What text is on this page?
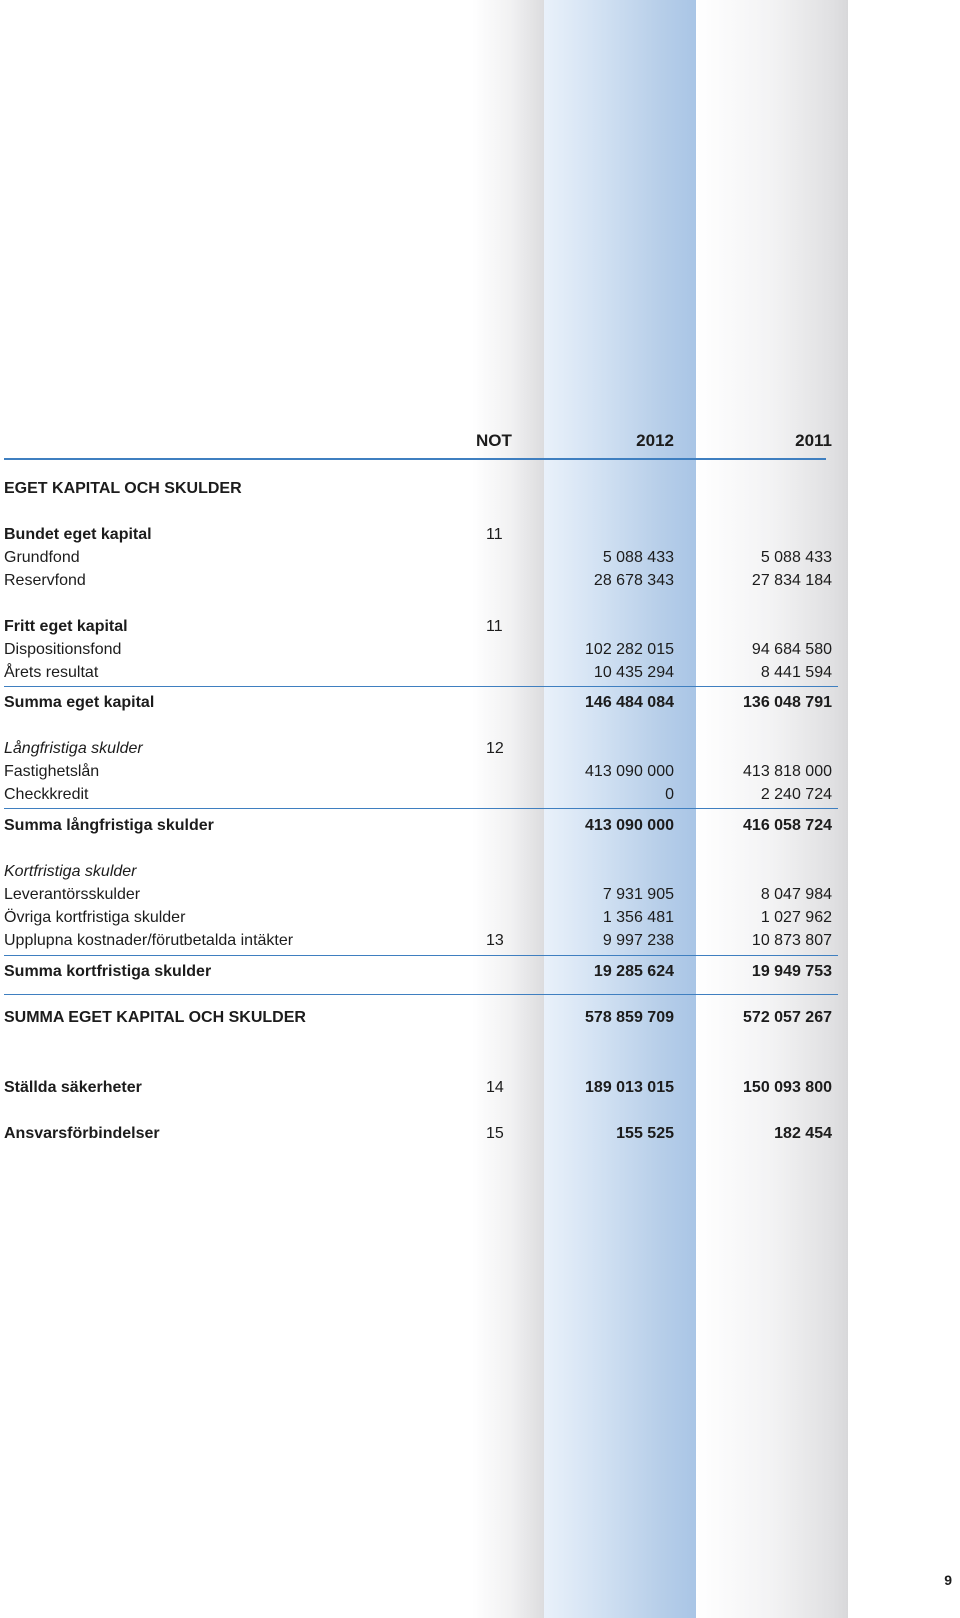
NOT	2012	2011
EGET KAPITAL OCH SKULDER
Bundet eget kapital	11
Grundfond	5 088 433	5 088 433
Reservfond	28 678 343	27 834 184
Fritt eget kapital	11
Dispositionsfond	102 282 015	94 684 580
Årets resultat	10 435 294	8 441 594
Summa eget kapital	146 484 084	136 048 791
Långfristiga skulder	12
Fastighetslån	413 090 000	413 818 000
Checkkredit	0	2 240 724
Summa långfristiga skulder	413 090 000	416 058 724
Kortfristiga skulder
Leverantörsskulder	7 931 905	8 047 984
Övriga kortfristiga skulder	1 356 481	1 027 962
Upplupna kostnader/förutbetalda intäkter	13	9 997 238	10 873 807
Summa kortfristiga skulder	19 285 624	19 949 753
SUMMA EGET KAPITAL OCH SKULDER	578 859 709	572 057 267
Ställda säkerheter	14	189 013 015	150 093 800
Ansvarsförbindelser	15	155 525	182 454
9
